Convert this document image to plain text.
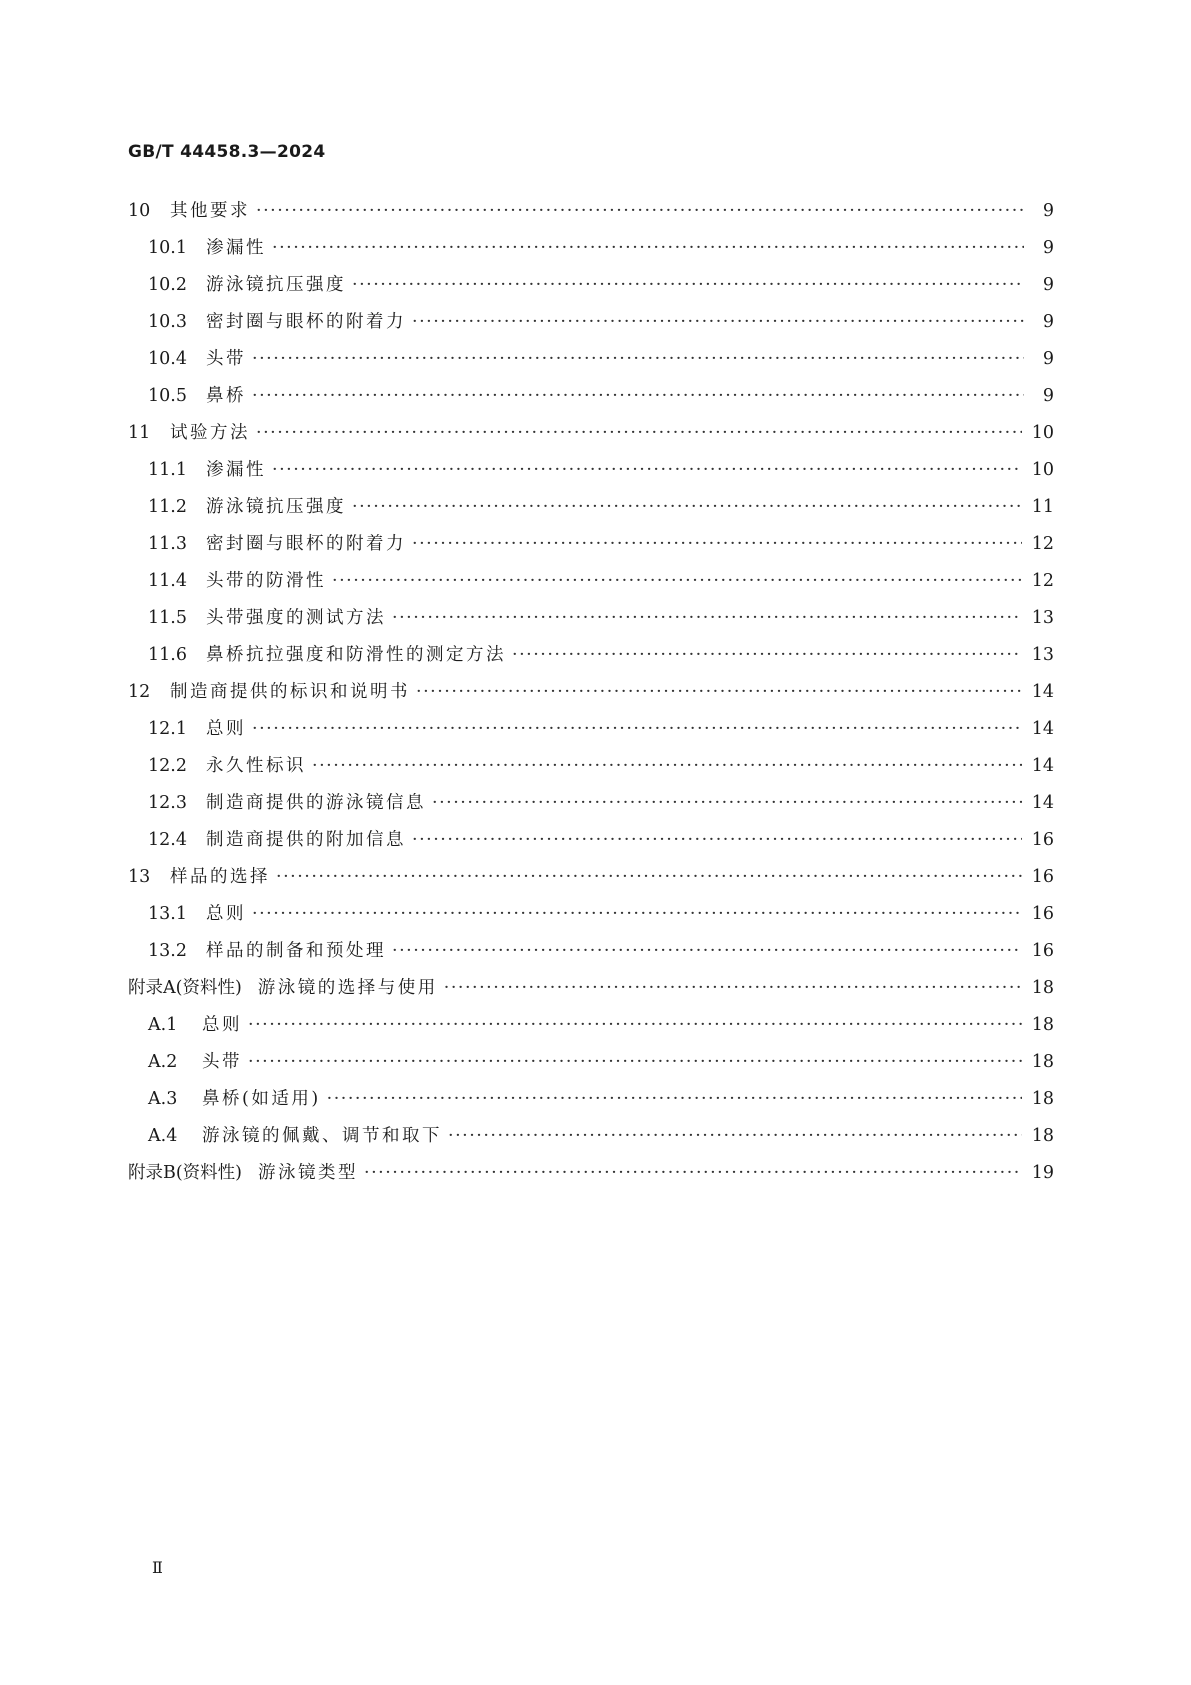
GB/T 44458.3—2024
10	其他要求 ·····	9
10.1	渗漏性 ·····	9
10.2	游泳镜抗压强度 ·····	9
10.3	密封圈与眼杯的附着力 ·····	9
10.4	头带 ·····	9
10.5	鼻桥 ·····	9
11	试验方法 ·····	10
11.1	渗漏性 ·····	10
11.2	游泳镜抗压强度 ·····	11
11.3	密封圈与眼杯的附着力 ·····	12
11.4	头带的防滑性 ·····	12
11.5	头带强度的测试方法 ·····	13
11.6	鼻桥抗拉强度和防滑性的测定方法 ·····	13
12	制造商提供的标识和说明书 ·····	14
12.1	总则 ·····	14
12.2	永久性标识 ·····	14
12.3	制造商提供的游泳镜信息 ·····	14
12.4	制造商提供的附加信息 ·····	16
13	样品的选择 ·····	16
13.1	总则 ·····	16
13.2	样品的制备和预处理 ·····	16
附录A(资料性) 游泳镜的选择与使用 ·····	18
A.1	总则 ·····	18
A.2	头带 ·····	18
A.3	鼻桥(如适用) ·····	18
A.4	游泳镜的佩戴、调节和取下 ·····	18
附录B(资料性) 游泳镜类型 ·····	19
Ⅱ
